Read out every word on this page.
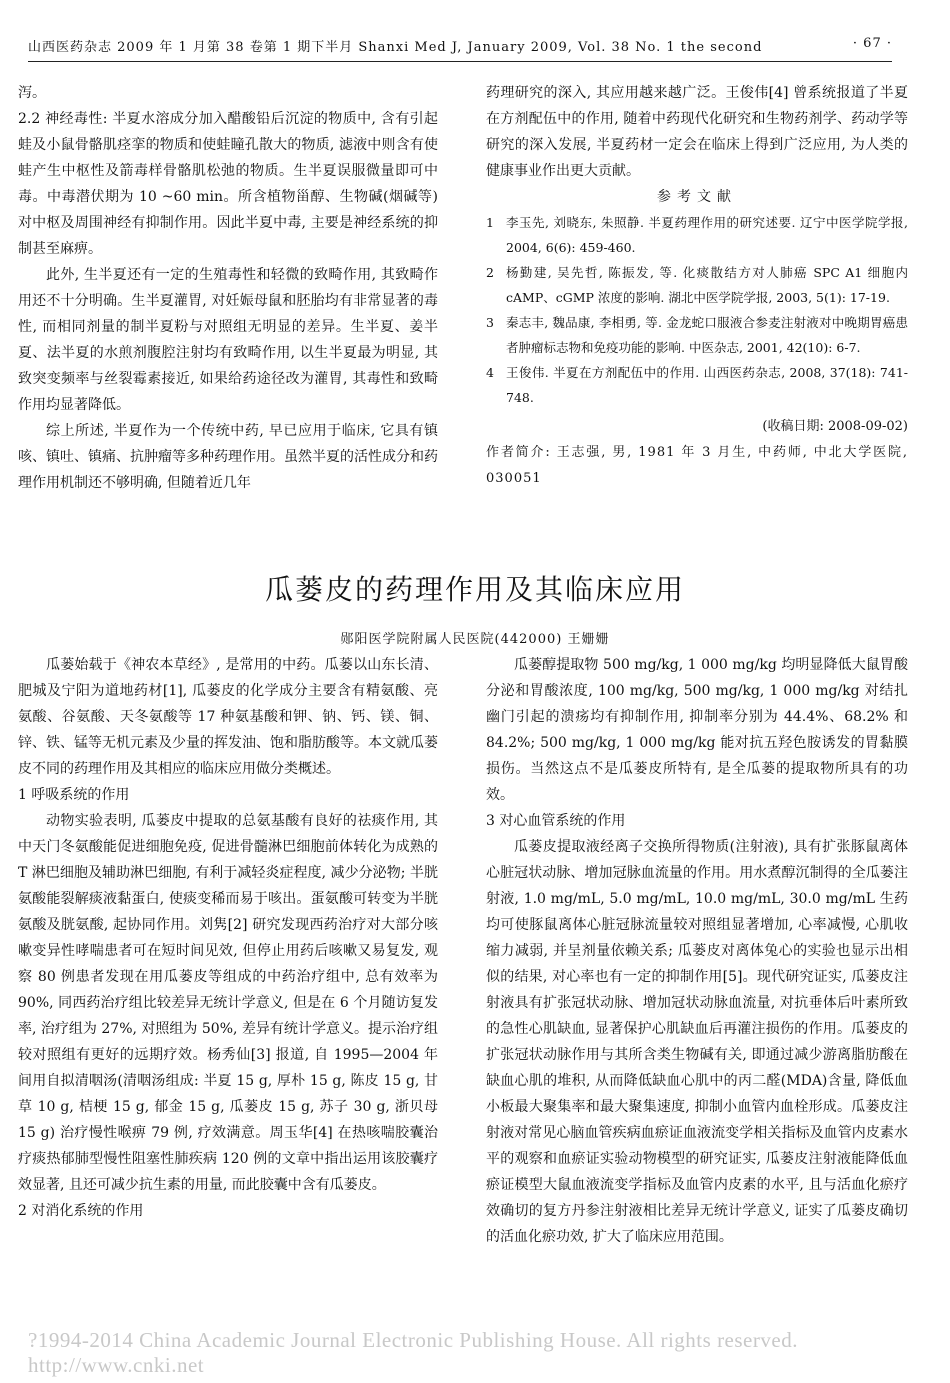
山西医药杂志 2009 年 1 月第 38 卷第 1 期下半月 Shanxi Med J, January 2009, Vol. 38 No. 1 the second	· 67 ·

泻。

2.2 神经毒性: 半夏水溶成分加入醋酸铅后沉淀的物质中, 含有引起蛙及小鼠骨骼肌痉挛的物质和使蛙瞳孔散大的物质, 滤液中则含有使蛙产生中枢性及箭毒样骨骼肌松弛的物质。生半夏误服微量即可中毒。中毒潜伏期为 10 ~60 min。所含植物甾醇、生物碱(烟碱等)对中枢及周围神经有抑制作用。因此半夏中毒, 主要是神经系统的抑制甚至麻痹。

此外, 生半夏还有一定的生殖毒性和轻微的致畸作用, 其致畸作用还不十分明确。生半夏灌胃, 对妊娠母鼠和胚胎均有非常显著的毒性, 而相同剂量的制半夏粉与对照组无明显的差异。生半夏、姜半夏、法半夏的水煎剂腹腔注射均有致畸作用, 以生半夏最为明显, 其致突变频率与丝裂霉素接近, 如果给药途径改为灌胃, 其毒性和致畸作用均显著降低。

综上所述, 半夏作为一个传统中药, 早已应用于临床, 它具有镇咳、镇吐、镇痛、抗肿瘤等多种药理作用。虽然半夏的活性成分和药理作用机制还不够明确, 但随着近几年

药理研究的深入, 其应用越来越广泛。王俊伟[4] 曾系统报道了半夏在方剂配伍中的作用, 随着中药现代化研究和生物药剂学、药动学等研究的深入发展, 半夏药材一定会在临床上得到广泛应用, 为人类的健康事业作出更大贡献。

参考文献

1 李玉先, 刘晓东, 朱照静. 半夏药理作用的研究述要. 辽宁中医学院学报, 2004, 6(6): 459-460.
2 杨勤建, 吴先哲, 陈振发, 等. 化痰散结方对人肺癌 SPC A1 细胞内 cAMP、cGMP 浓度的影响. 湖北中医学院学报, 2003, 5(1): 17-19.
3 秦志丰, 魏品康, 李相勇, 等. 金龙蛇口服液合参麦注射液对中晚期胃癌患者肿瘤标志物和免疫功能的影响. 中医杂志, 2001, 42(10): 6-7.
4 王俊伟. 半夏在方剂配伍中的作用. 山西医药杂志, 2008, 37(18): 741-748.

(收稿日期: 2008-09-02)

作者简介: 王志强, 男, 1981 年 3 月生, 中药师, 中北大学医院, 030051

瓜蒌皮的药理作用及其临床应用
郧阳医学院附属人民医院(442000) 王姗姗

瓜蒌始载于《神农本草经》, 是常用的中药。瓜蒌以山东长清、肥城及宁阳为道地药材[1], 瓜蒌皮的化学成分主要含有精氨酸、亮氨酸、谷氨酸、天冬氨酸等 17 种氨基酸和钾、钠、钙、镁、铜、锌、铁、锰等无机元素及少量的挥发油、饱和脂肪酸等。本文就瓜蒌皮不同的药理作用及其相应的临床应用做分类概述。

1 呼吸系统的作用

动物实验表明, 瓜蒌皮中提取的总氨基酸有良好的祛痰作用, 其中天门冬氨酸能促进细胞免疫, 促进骨髓淋巴细胞前体转化为成熟的 T 淋巴细胞及辅助淋巴细胞, 有利于减轻炎症程度, 减少分泌物; 半胱氨酸能裂解痰液黏蛋白, 使痰变稀而易于咳出。蛋氨酸可转变为半胱氨酸及胱氨酸, 起协同作用。刘隽[2] 研究发现西药治疗对大部分咳嗽变异性哮喘患者可在短时间见效, 但停止用药后咳嗽又易复发, 观察 80 例患者发现在用瓜蒌皮等组成的中药治疗组中, 总有效率为 90%, 同西药治疗组比较差异无统计学意义, 但是在 6 个月随访复发率, 治疗组为 27%, 对照组为 50%, 差异有统计学意义。提示治疗组较对照组有更好的远期疗效。杨秀仙[3] 报道, 自 1995—2004 年间用自拟清咽汤(清咽汤组成: 半夏 15 g, 厚朴 15 g, 陈皮 15 g, 甘草 10 g, 桔梗 15 g, 郁金 15 g, 瓜蒌皮 15 g, 苏子 30 g, 浙贝母 15 g) 治疗慢性喉痹 79 例, 疗效满意。周玉华[4] 在热咳喘胶囊治疗痰热郁肺型慢性阻塞性肺疾病 120 例的文章中指出运用该胶囊疗效显著, 且还可减少抗生素的用量, 而此胶囊中含有瓜蒌皮。

2 对消化系统的作用

瓜蒌醇提取物 500 mg/kg, 1 000 mg/kg 均明显降低大鼠胃酸分泌和胃酸浓度, 100 mg/kg, 500 mg/kg, 1 000 mg/kg 对结扎幽门引起的溃疡均有抑制作用, 抑制率分别为 44.4%、68.2% 和 84.2%; 500 mg/kg, 1 000 mg/kg 能对抗五羟色胺诱发的胃黏膜损伤。当然这点不是瓜蒌皮所特有, 是全瓜蒌的提取物所具有的功效。

3 对心血管系统的作用

瓜蒌皮提取液经离子交换所得物质(注射液), 具有扩张豚鼠离体心脏冠状动脉、增加冠脉血流量的作用。用水煮醇沉制得的全瓜蒌注射液, 1.0 mg/mL, 5.0 mg/mL, 10.0 mg/mL, 30.0 mg/mL 生药均可使豚鼠离体心脏冠脉流量较对照组显著增加, 心率减慢, 心肌收缩力减弱, 并呈剂量依赖关系; 瓜蒌皮对离体兔心的实验也显示出相似的结果, 对心率也有一定的抑制作用[5]。现代研究证实, 瓜蒌皮注射液具有扩张冠状动脉、增加冠状动脉血流量, 对抗垂体后叶素所致的急性心肌缺血, 显著保护心肌缺血后再灌注损伤的作用。瓜蒌皮的扩张冠状动脉作用与其所含类生物碱有关, 即通过减少游离脂肪酸在缺血心肌的堆积, 从而降低缺血心肌中的丙二醛(MDA)含量, 降低血小板最大聚集率和最大聚集速度, 抑制小血管内血栓形成。瓜蒌皮注射液对常见心脑血管疾病血瘀证血液流变学相关指标及血管内皮素水平的观察和血瘀证实验动物模型的研究证实, 瓜蒌皮注射液能降低血瘀证模型大鼠血液流变学指标及血管内皮素的水平, 且与活血化瘀疗效确切的复方丹参注射液相比差异无统计学意义, 证实了瓜蒌皮确切的活血化瘀功效, 扩大了临床应用范围。

?1994-2014 China Academic Journal Electronic Publishing House. All rights reserved. http://www.cnki.net
